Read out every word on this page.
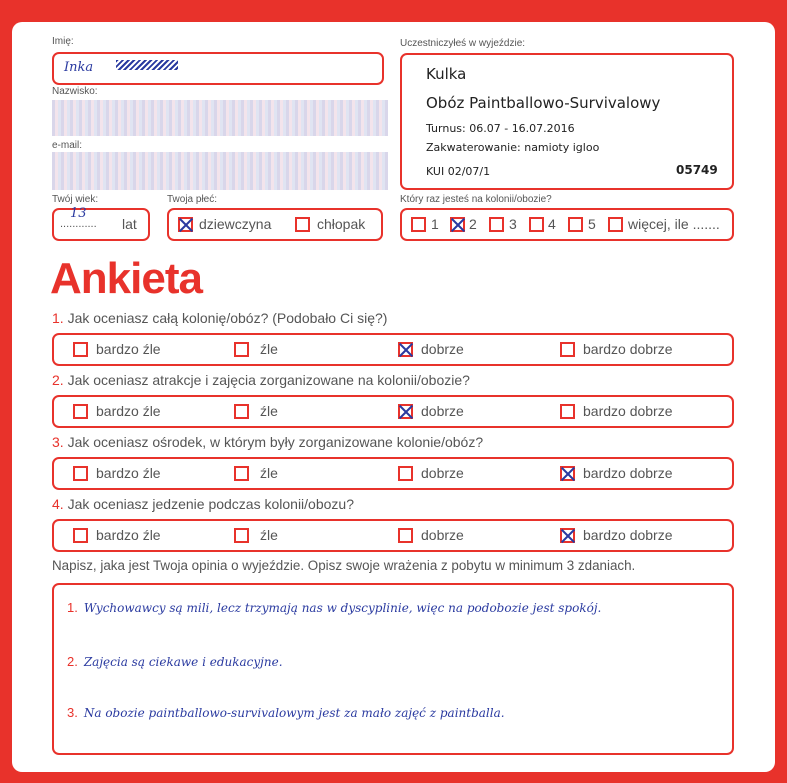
Imię:
Inka
Nazwisko:
e-mail:
Twój wiek:
13
............ lat
Twoja płeć:
dziewczyna	chłopak
Uczestniczyłeś w wyjeździe:
Kulka
Obóz Paintballowo-Survivalowy
Turnus: 06.07 - 16.07.2016
Zakwaterowanie: namioty igloo
KUI 02/07/1	05749
Który raz jesteś na kolonii/obozie?
1 2 3 4 5 więcej, ile .......
Ankieta
1. Jak oceniasz całą kolonię/obóz? (Podobało Ci się?)
bardzo źle	źle	dobrze	bardzo dobrze
2. Jak oceniasz atrakcje i zajęcia zorganizowane na kolonii/obozie?
bardzo źle	źle	dobrze	bardzo dobrze
3. Jak oceniasz ośrodek, w którym były zorganizowane kolonie/obóz?
bardzo źle	źle	dobrze	bardzo dobrze
4. Jak oceniasz jedzenie podczas kolonii/obozu?
bardzo źle	źle	dobrze	bardzo dobrze
Napisz, jaka jest Twoja opinia o wyjeździe. Opisz swoje wrażenia z pobytu w minimum 3 zdaniach.
1. Wychowawcy są mili, lecz trzymają nas w dyscyplinie, więc na podobozie jest spokój.
2. Zajęcia są ciekawe i edukacyjne.
3. Na obozie paintballowo-survivalowym jest za mało zajęć z paintballa.
